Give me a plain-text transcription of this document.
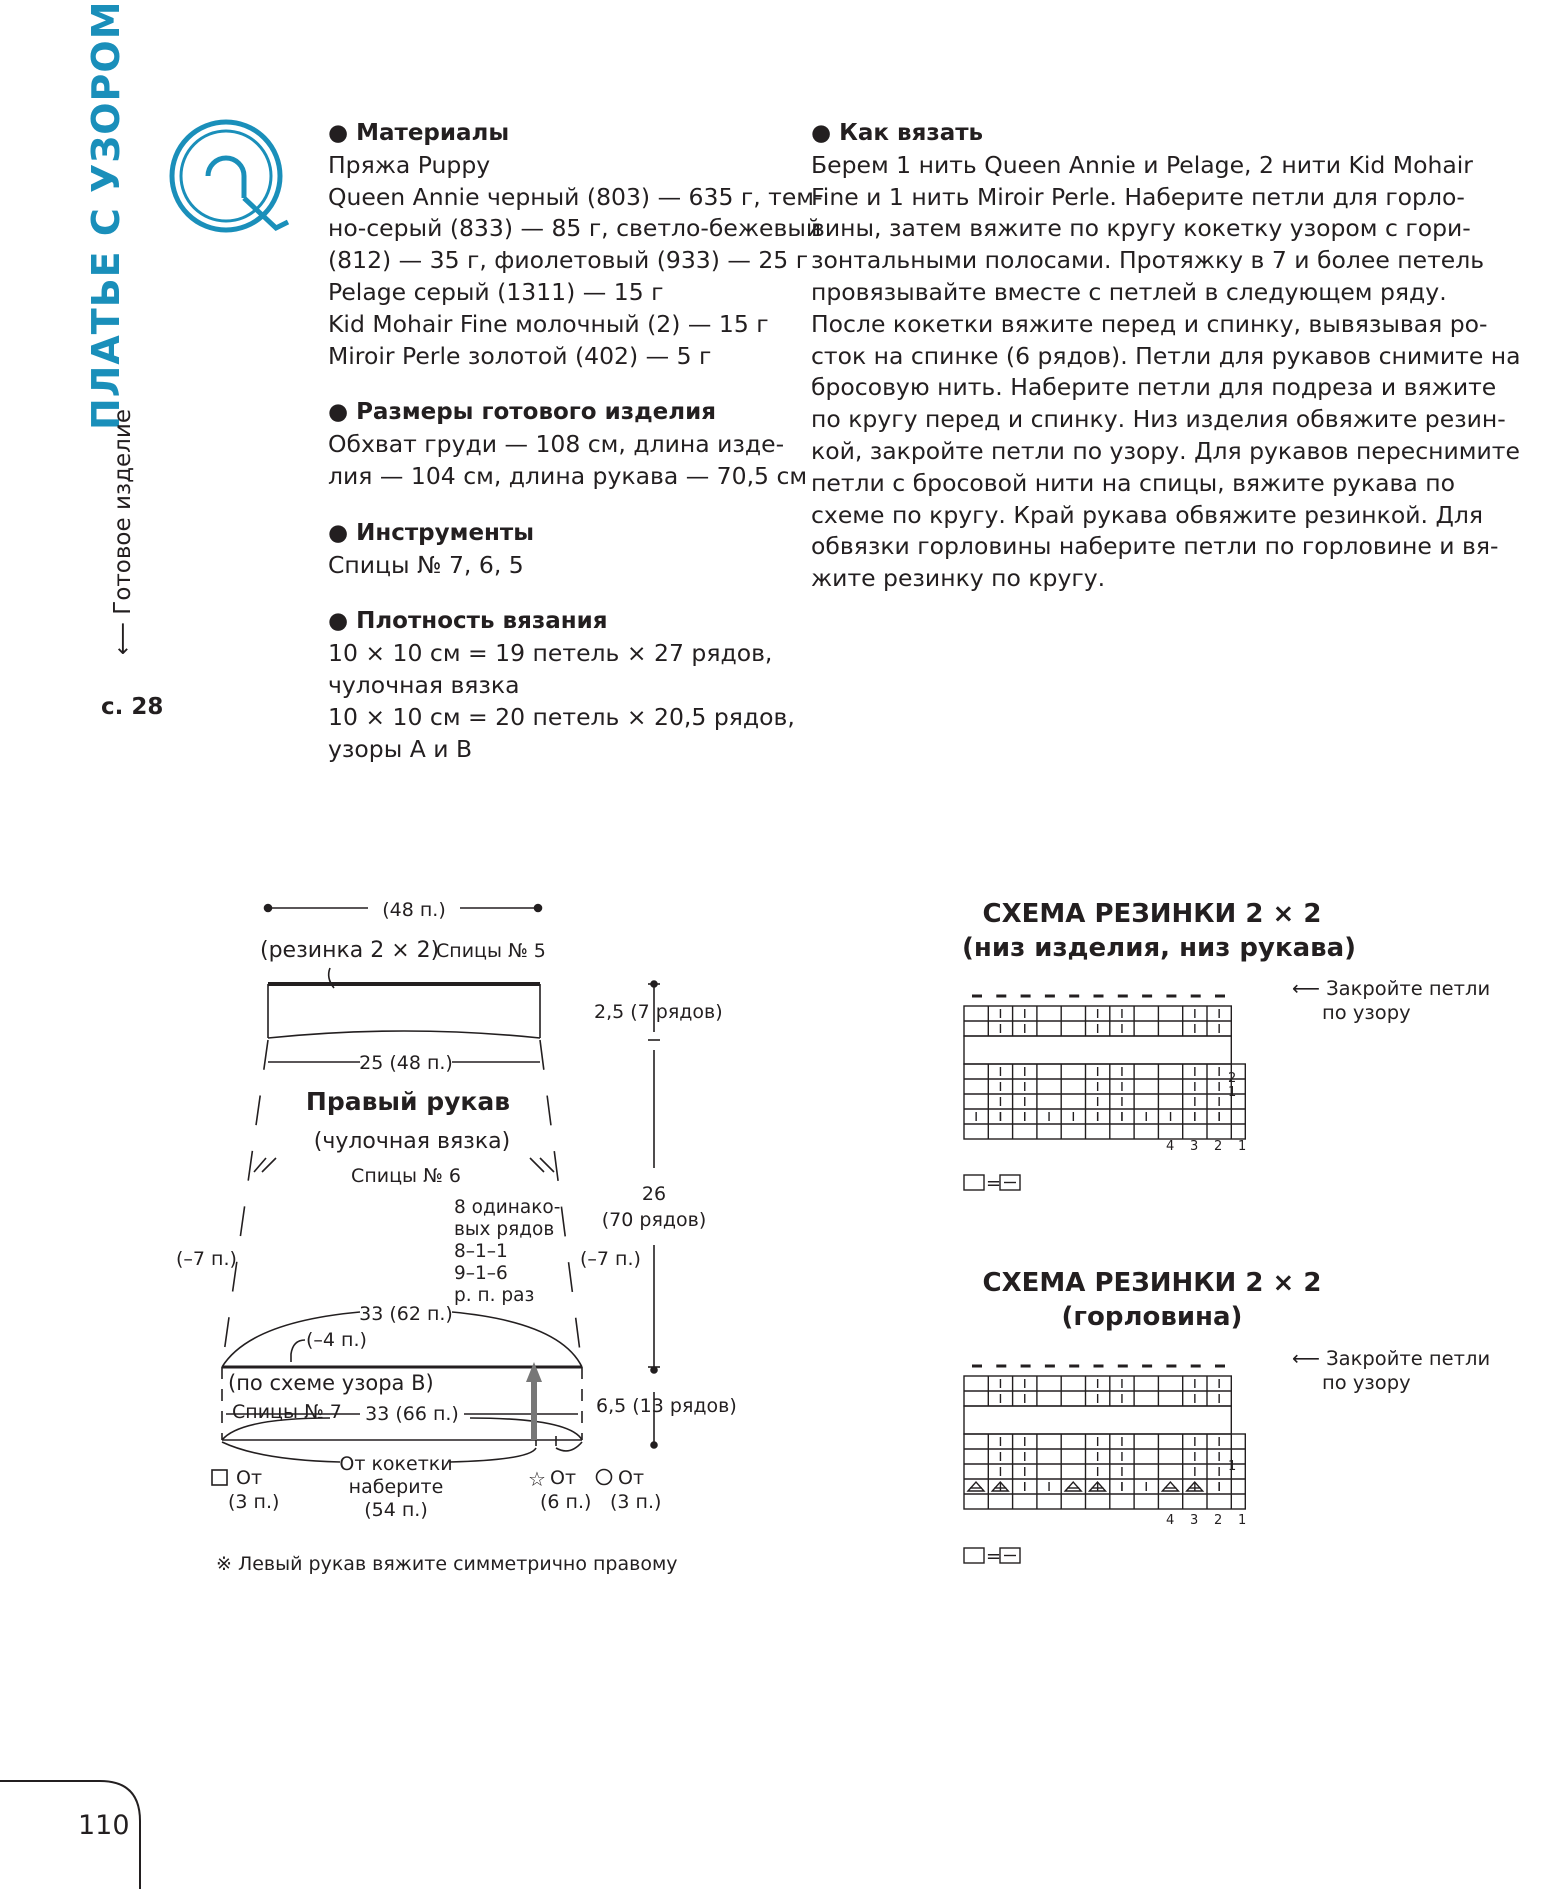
ПЛАТЬЕ С УЗОРОМ
⟵ Готовое изделие
с. 28
● Материалы
Пряжа Puppy
Queen Annie черный (803) — 635 г, тем-
но-серый (833) — 85 г, светло-бежевый
(812) — 35 г, фиолетовый (933) — 25 г
Pelage серый (1311) — 15 г
Kid Mohair Fine молочный (2) — 15 г
Miroir Perle золотой (402) — 5 г
● Размеры готового изделия
Обхват груди — 108 см, длина изде-
лия — 104 см, длина рукава — 70,5 см
● Инструменты
Спицы № 7, 6, 5
● Плотность вязания
10 × 10 см = 19 петель × 27 рядов,
чулочная вязка
10 × 10 см = 20 петель × 20,5 рядов,
узоры А и В
● Как вязать
Берем 1 нить Queen Annie и Pelage, 2 нити Kid Mohair
Fine и 1 нить Miroir Perle. Наберите петли для горло-
вины, затем вяжите по кругу кокетку узором с гори-
зонтальными полосами. Протяжку в 7 и более петель
провязывайте вместе с петлей в следующем ряду.
После кокетки вяжите перед и спинку, вывязывая ро-
сток на спинке (6 рядов). Петли для рукавов снимите на
бросовую нить. Наберите петли для подреза и вяжите
по кругу перед и спинку. Низ изделия обвяжите резин-
кой, закройте петли по узору. Для рукавов переснимите
петли с бросовой нити на спицы, вяжите рукава по
схеме по кругу. Край рукава обвяжите резинкой. Для
обвязки горловины наберите петли по горловине и вя-
жите резинку по кругу.
☆
(48 п.)
(резинка 2 × 2)
Спицы № 5
2,5 (7 рядов)
25 (48 п.)
Правый рукав
(чулочная вязка)
Спицы № 6
8 одинако-
вых рядов
8–1–1
9–1–6
р. п. раз
26
(70 рядов)
(–7 п.)	(–7 п.)
33 (62 п.)
(–4 п.)
(по схеме узора В)
Спицы № 7 33 (66 п.)	6,5 (13 рядов)
От
(3 п.)
От кокетки
наберите
(54 п.)
От
(6 п.)
От
(3 п.)
※ Левый рукав вяжите симметрично правому
СХЕМА РЕЗИНКИ 2 × 2
(низ изделия, низ рукава)
⟵ Закройте петли
по узору
2
1
4 3 2 1
=
СХЕМА РЕЗИНКИ 2 × 2
(горловина)
⟵ Закройте петли
по узору
1
4 3 2 1
=
110
